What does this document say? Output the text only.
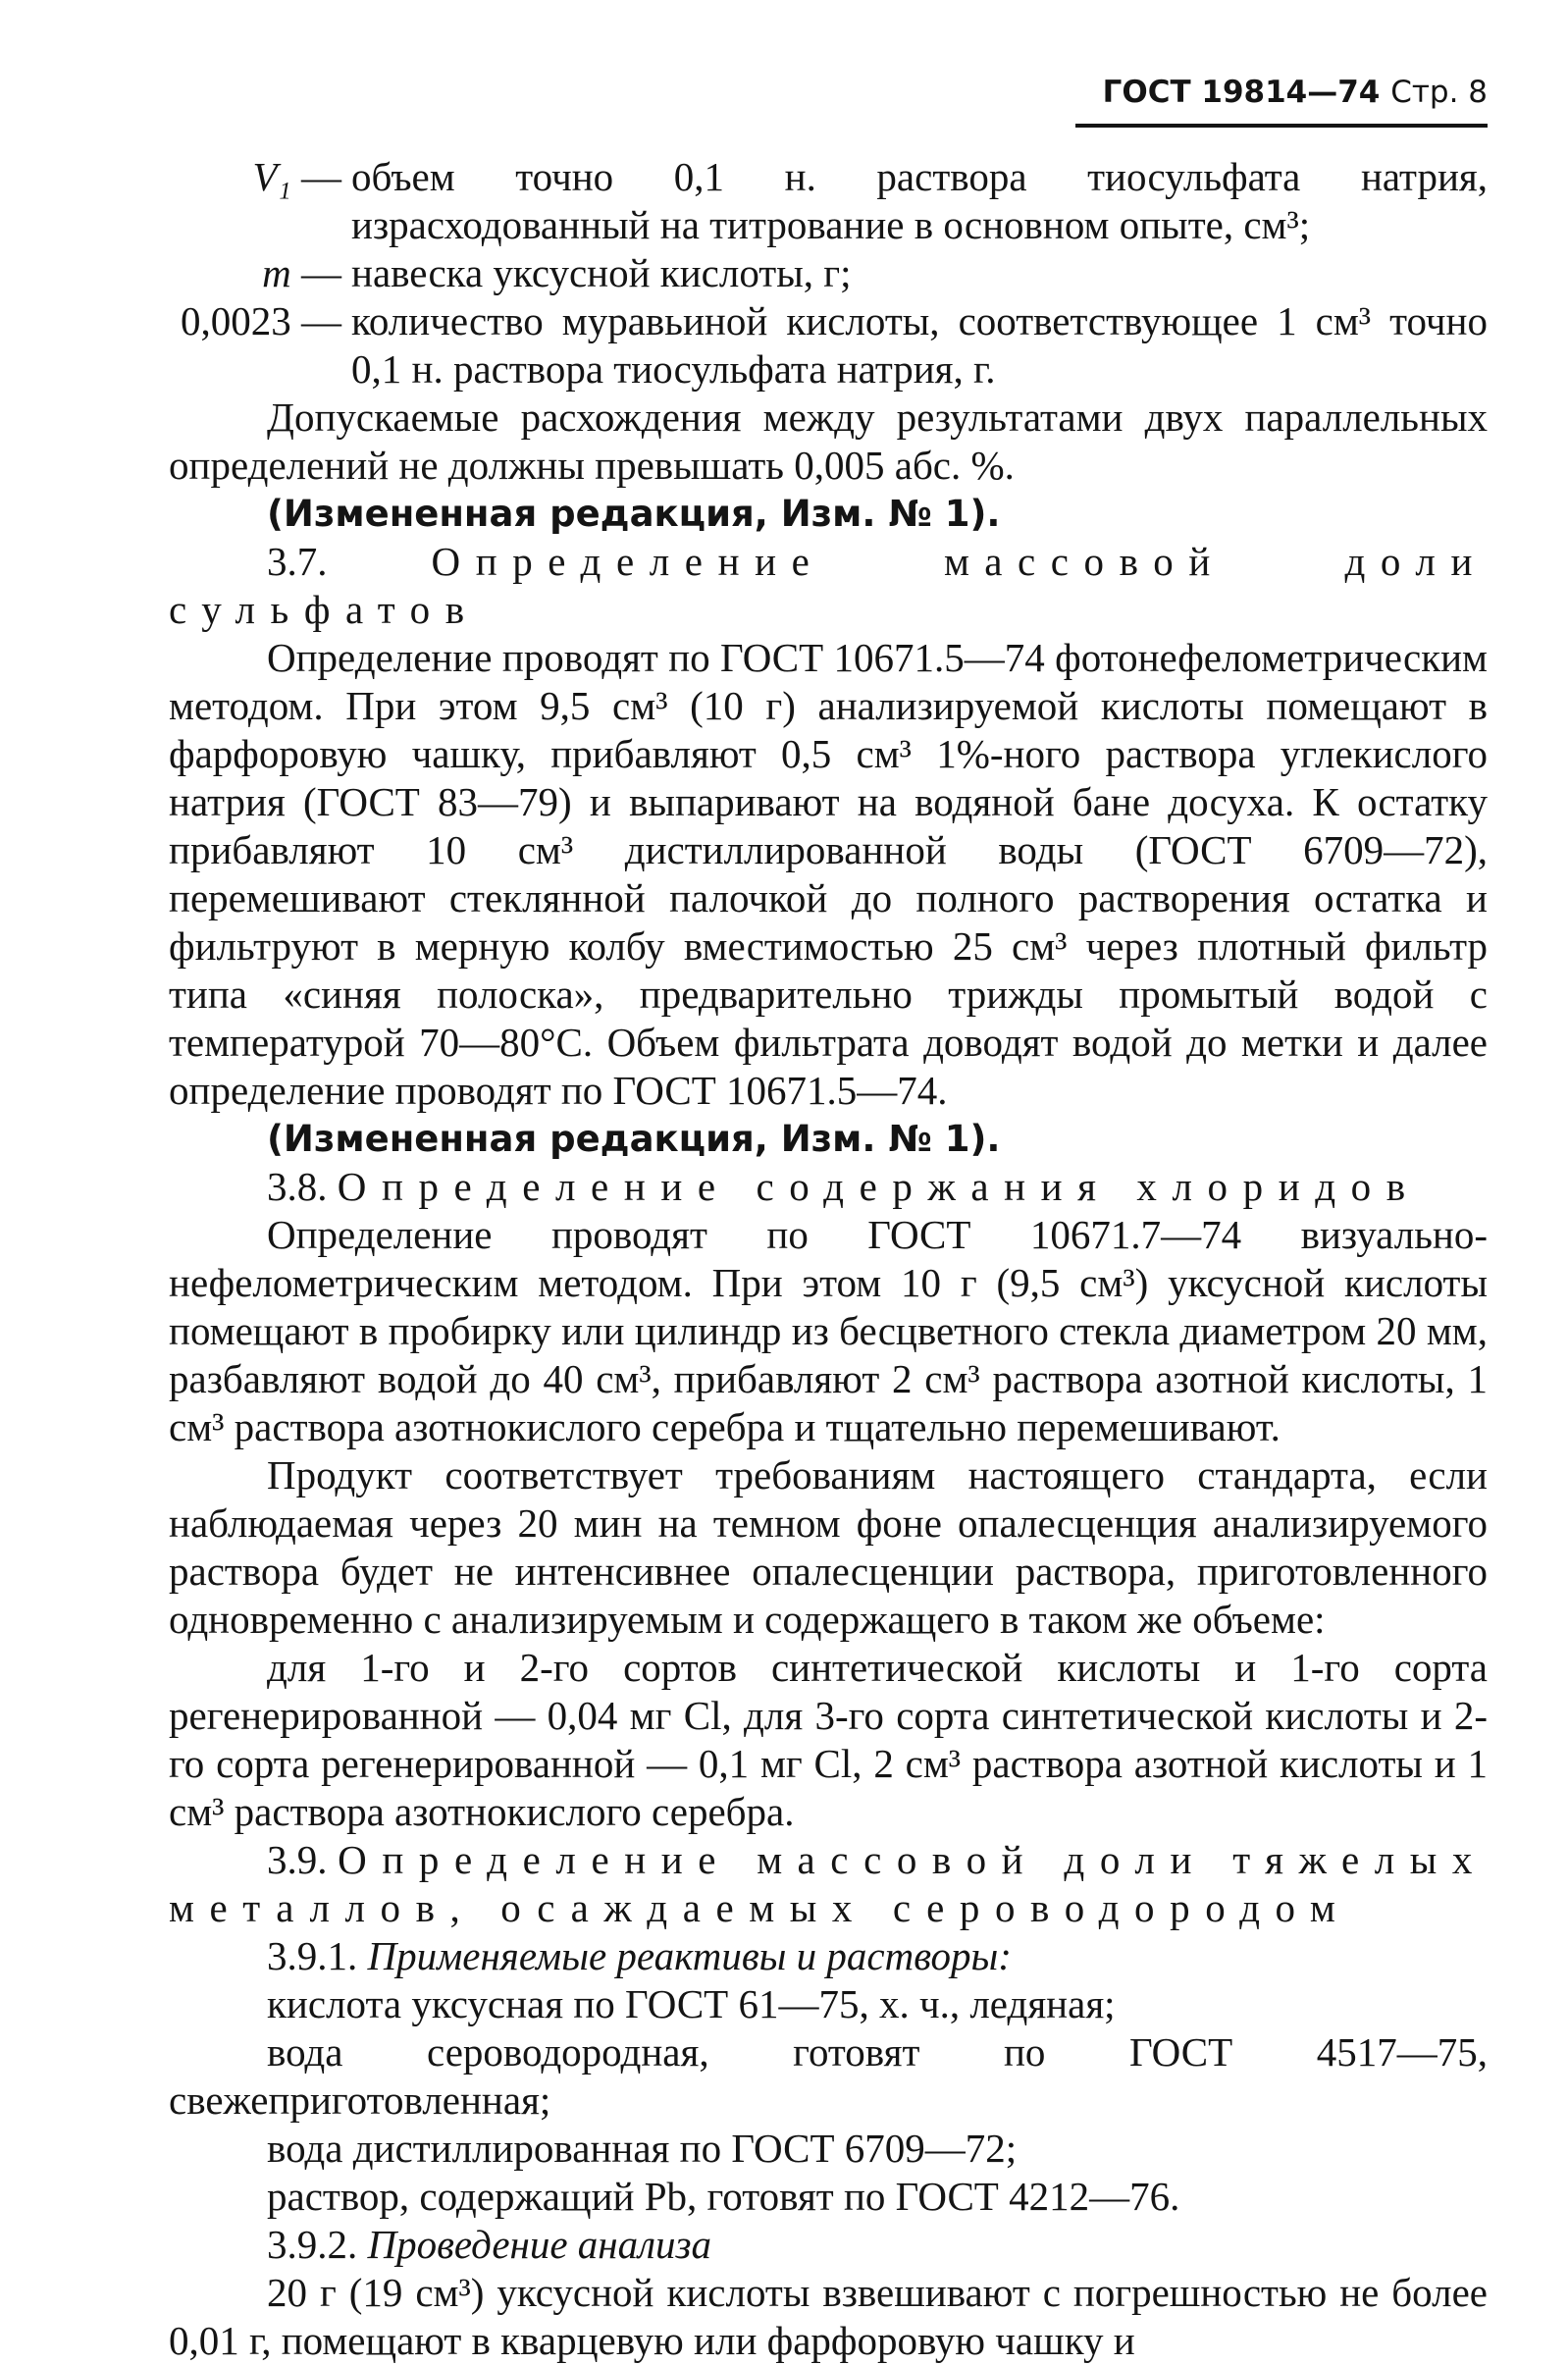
ГОСТ 19814—74 Стр. 8
V₁ —	объем точно 0,1 н. раствора тиосульфата натрия, израсходованный на титрование в основном опыте, см³;
m —	навеска уксусной кислоты, г;
0,0023 —	количество муравьиной кислоты, соответствующее 1 см³ точно 0,1 н. раствора тиосульфата натрия, г.

Допускаемые расхождения между результатами двух параллельных определений не должны превышать 0,005 абс. %.

(Измененная редакция, Изм. № 1).

3.7.	Определение массовой доли сульфатов

Определение проводят по ГОСТ 10671.5—74 фотонефелометрическим методом. При этом 9,5 см³ (10 г) анализируемой кислоты помещают в фарфоровую чашку, прибавляют 0,5 см³ 1%-ного раствора углекислого натрия (ГОСТ 83—79) и выпаривают на водяной бане досуха. К остатку прибавляют 10 см³ дистиллированной воды (ГОСТ 6709—72), перемешивают стеклянной палочкой до полного растворения остатка и фильтруют в мерную колбу вместимостью 25 см³ через плотный фильтр типа «синяя полоска», предварительно трижды промытый водой с температурой 70—80°С. Объем фильтрата доводят водой до метки и далее определение проводят по ГОСТ 10671.5—74.

(Измененная редакция, Изм. № 1).

3.8. Определение содержания хлоридов

Определение проводят по ГОСТ 10671.7—74 визуально-нефелометрическим методом. При этом 10 г (9,5 см³) уксусной кислоты помещают в пробирку или цилиндр из бесцветного стекла диаметром 20 мм, разбавляют водой до 40 см³, прибавляют 2 см³ раствора азотной кислоты, 1 см³ раствора азотнокислого серебра и тщательно перемешивают.

Продукт соответствует требованиям настоящего стандарта, если наблюдаемая через 20 мин на темном фоне опалесценция анализируемого раствора будет не интенсивнее опалесценции раствора, приготовленного одновременно с анализируемым и содержащего в таком же объеме:

для 1-го и 2-го сортов синтетической кислоты и 1-го сорта регенерированной — 0,04 мг Cl, для 3-го сорта синтетической кислоты и 2-го сорта регенерированной — 0,1 мг Cl, 2 см³ раствора азотной кислоты и 1 см³ раствора азотнокислого серебра.

3.9. Определение массовой доли тяжелых металлов, осаждаемых сероводородом

3.9.1. Применяемые реактивы и растворы:

кислота уксусная по ГОСТ 61—75, х. ч., ледяная;

вода сероводородная, готовят по ГОСТ 4517—75, свежеприготовленная;

вода дистиллированная по ГОСТ 6709—72;

раствор, содержащий Pb, готовят по ГОСТ 4212—76.

3.9.2. Проведение анализа

20 г (19 см³) уксусной кислоты взвешивают с погрешностью не более 0,01 г, помещают в кварцевую или фарфоровую чашку и
